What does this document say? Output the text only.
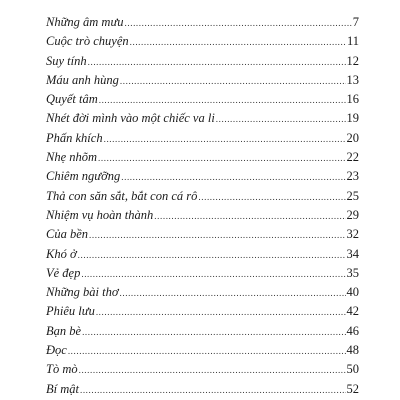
Những âm mưu .....	7
Cuộc trò chuyện .....	11
Suy tính .....	12
Máu anh hùng .....	13
Quyết tâm .....	16
Nhét đời mình vào một chiếc va li .....	19
Phấn khích .....	20
Nhẹ nhõm .....	22
Chiêm ngưỡng .....	23
Thả con săn sắt, bắt con cá rô .....	25
Nhiệm vụ hoàn thành .....	29
Của bền .....	32
Khó ở .....	34
Vẻ đẹp .....	35
Những bài thơ .....	40
Phiêu lưu .....	42
Bạn bè .....	46
Đọc .....	48
Tò mò .....	50
Bí mật .....	52
